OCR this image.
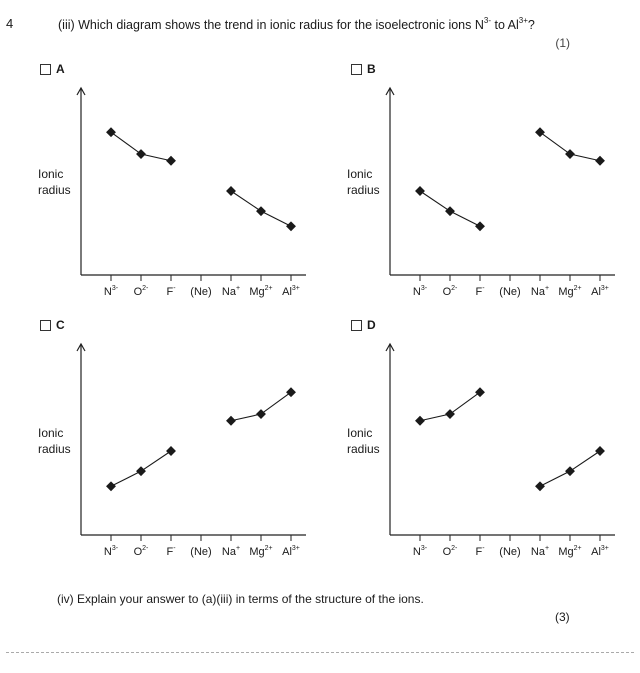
4	(iii) Which diagram shows the trend in ionic radius for the isoelectronic ions $N^{3-}$ to $Al^{3+}$?
(1)
A	B
C	D
Ionic
radius
Ionic
radius
Ionic
radius
Ionic
radius
$N^{3-}$ $O^{2-}$ F- (Ne) Na+ $Mg^{2+}$ $Al^{3+}$	$N^{3-}$ $O^{2-}$ F- (Ne) Na+ $Mg^{2+}$ $Al^{3+}$
$N^{3-}$ $O^{2-}$ F- (Ne) Na+ $Mg^{2+}$ $Al^{3+}$	$N^{3-}$ $O^{2-}$ F- (Ne) Na+ $Mg^{2+}$ $Al^{3+}$
(iv) Explain your answer to (a)(iii) in terms of the structure of the ions.
(3)
